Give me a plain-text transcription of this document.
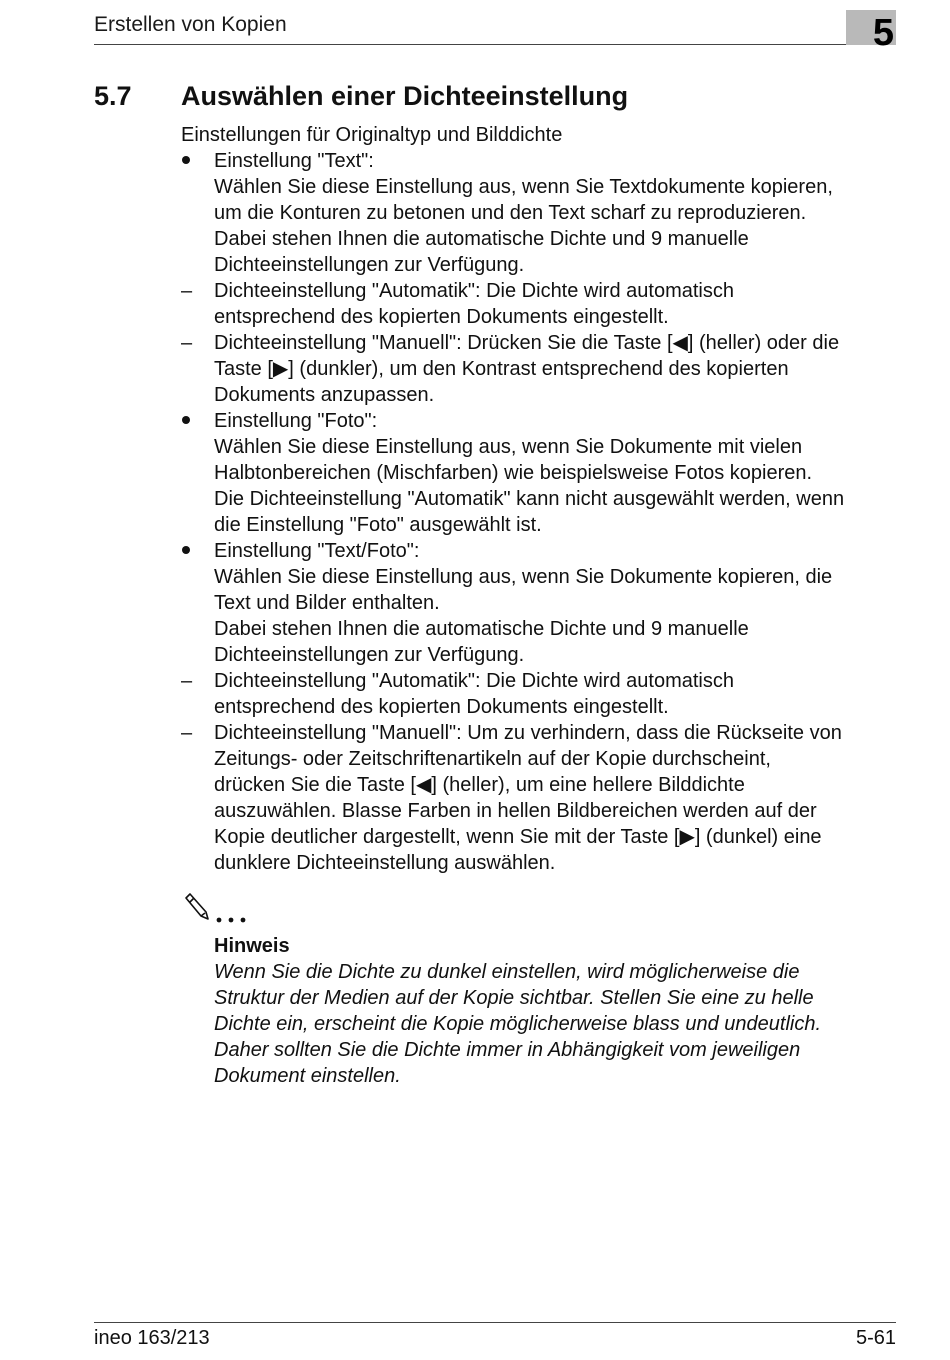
Erstellen von Kopien	5
5.7 Auswählen einer Dichteeinstellung
Einstellungen für Originaltyp und Bilddichte
Einstellung "Text":
Wählen Sie diese Einstellung aus, wenn Sie Textdokumente kopieren,
um die Konturen zu betonen und den Text scharf zu reproduzieren.
Dabei stehen Ihnen die automatische Dichte und 9 manuelle
Dichteeinstellungen zur Verfügung.
–	Dichteeinstellung "Automatik": Die Dichte wird automatisch
entsprechend des kopierten Dokuments eingestellt.
–	Dichteeinstellung "Manuell": Drücken Sie die Taste [◀] (heller) oder die
Taste [▶] (dunkler), um den Kontrast entsprechend des kopierten
Dokuments anzupassen.
Einstellung "Foto":
Wählen Sie diese Einstellung aus, wenn Sie Dokumente mit vielen
Halbtonbereichen (Mischfarben) wie beispielsweise Fotos kopieren.
Die Dichteeinstellung "Automatik" kann nicht ausgewählt werden, wenn
die Einstellung "Foto" ausgewählt ist.
Einstellung "Text/Foto":
Wählen Sie diese Einstellung aus, wenn Sie Dokumente kopieren, die
Text und Bilder enthalten.
Dabei stehen Ihnen die automatische Dichte und 9 manuelle
Dichteeinstellungen zur Verfügung.
–	Dichteeinstellung "Automatik": Die Dichte wird automatisch
entsprechend des kopierten Dokuments eingestellt.
–	Dichteeinstellung "Manuell": Um zu verhindern, dass die Rückseite von
Zeitungs- oder Zeitschriftenartikeln auf der Kopie durchscheint,
drücken Sie die Taste [◀] (heller), um eine hellere Bilddichte
auszuwählen. Blasse Farben in hellen Bildbereichen werden auf der
Kopie deutlicher dargestellt, wenn Sie mit der Taste [▶] (dunkel) eine
dunklere Dichteeinstellung auswählen.
Hinweis
Wenn Sie die Dichte zu dunkel einstellen, wird möglicherweise die
Struktur der Medien auf der Kopie sichtbar. Stellen Sie eine zu helle
Dichte ein, erscheint die Kopie möglicherweise blass und undeutlich.
Daher sollten Sie die Dichte immer in Abhängigkeit vom jeweiligen
Dokument einstellen.
ineo 163/213	5-61
